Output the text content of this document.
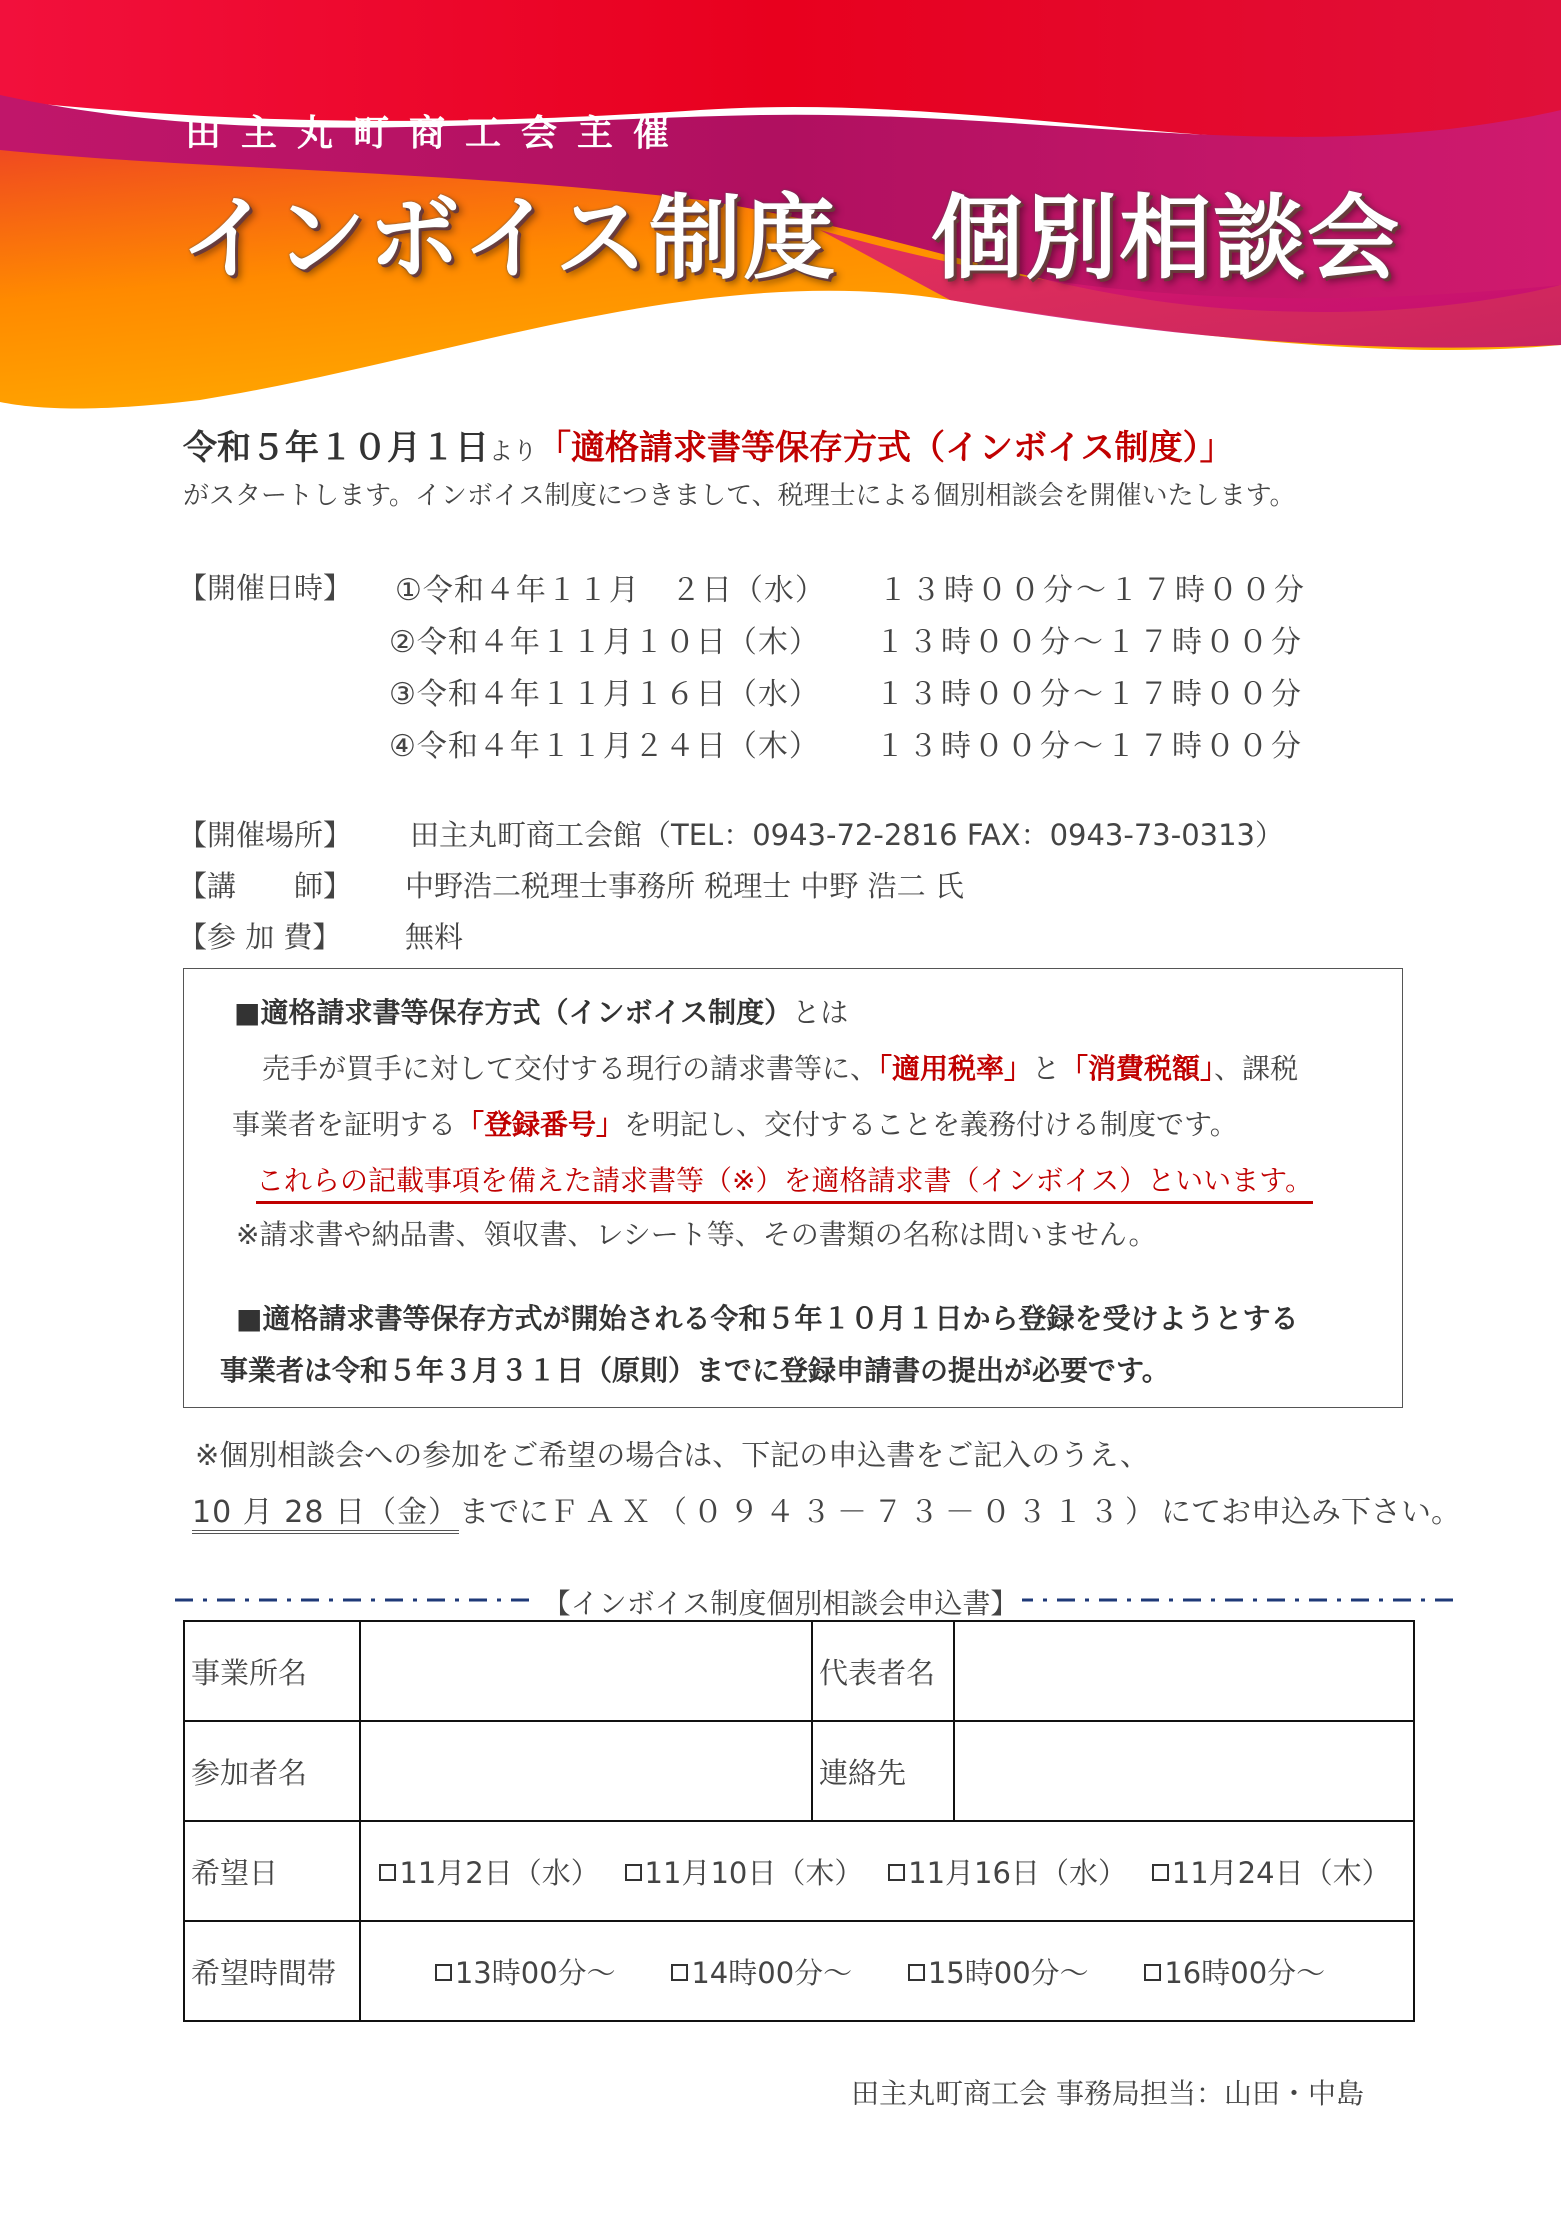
田主丸町商工会主催
インボイス制度　個別相談会
令和５年１０月１日より「適格請求書等保存方式（インボイス制度）」
がスタートします。インボイス制度につきまして、税理士による個別相談会を開催いたします。
【開催日時】 ①令和４年１１月　２日（水） １３時００分～１７時００分
②令和４年１１月１０日（木） １３時００分～１７時００分
③令和４年１１月１６日（水） １３時００分～１７時００分
④令和４年１１月２４日（木） １３時００分～１７時００分
【開催場所】 田主丸町商工会館（TEL：0943-72-2816 FAX：0943-73-0313）
【講　　師】 中野浩二税理士事務所 税理士 中野 浩二 氏
【参 加 費】 無料
■適格請求書等保存方式（インボイス制度）とは
売手が買手に対して交付する現行の請求書等に、「適用税率」と「消費税額」、課税
事業者を証明する「登録番号」を明記し、交付することを義務付ける制度です。
これらの記載事項を備えた請求書等（※）を適格請求書（インボイス）といいます。
※請求書や納品書、領収書、レシート等、その書類の名称は問いません。
■適格請求書等保存方式が開始される令和５年１０月１日から登録を受けようとする
事業者は令和５年３月３１日（原則）までに登録申請書の提出が必要です。
※個別相談会への参加をご希望の場合は、下記の申込書をご記入のうえ、
10 月 28 日（金）までにＦＡＸ（０９４３－７３－０３１３）にてお申込み下さい。
【インボイス制度個別相談会申込書】
事業所名		代表者名	
参加者名		連絡先	
希望日	11月2日（水） 11月10日（木） 11月16日（水） 11月24日（木）		

希望時間帯	13時00分～ 14時00分～ 15時00分～ 16時00分～		
田主丸町商工会 事務局担当：山田・中島
